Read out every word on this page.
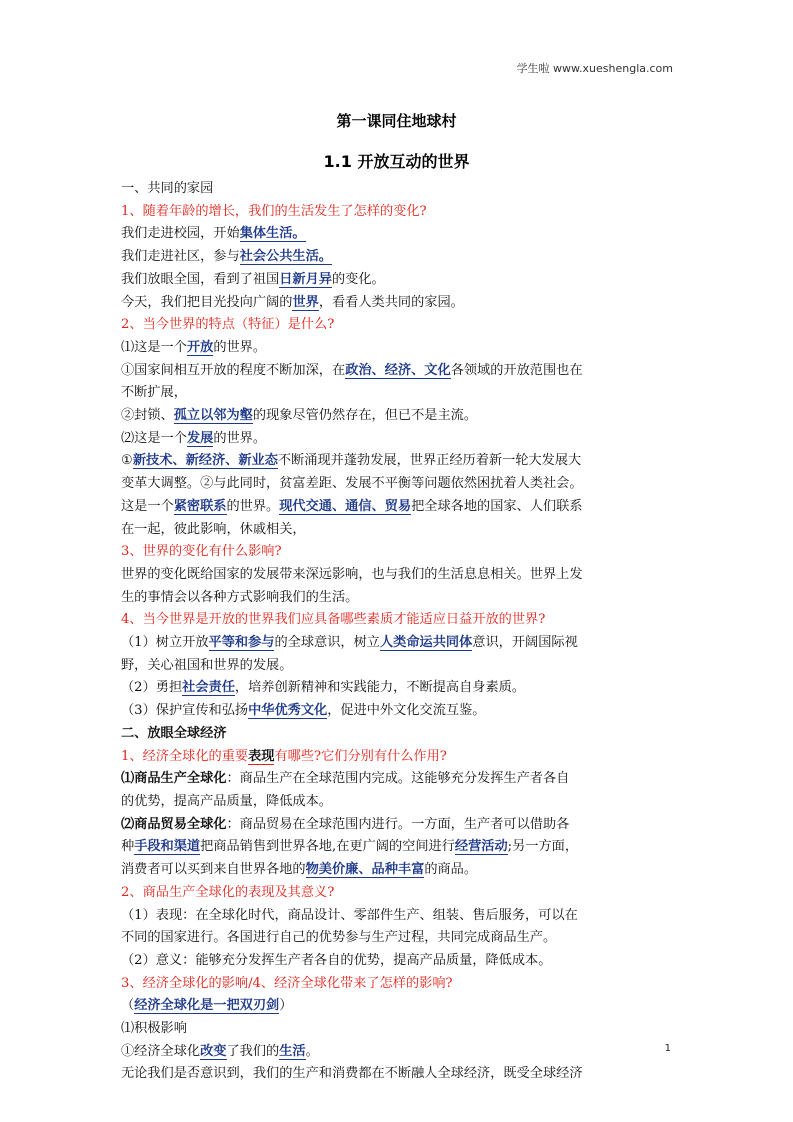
学生啦 www.xueshengla.com
第一课同住地球村
1.1 开放互动的世界

一、共同的家园

1、随着年龄的增长，我们的生活发生了怎样的变化?

我们走进校园，开始集体生活。

我们走进社区，参与社会公共生活。

我们放眼全国，看到了祖国日新月异的变化。

今天，我们把目光投向广阔的世界，看看人类共同的家园。

2、当今世界的特点（特征）是什么?

⑴这是一个开放的世界。

①国家间相互开放的程度不断加深，在政治、经济、文化各领域的开放范围也在

不断扩展，

②封锁、孤立以邻为壑的现象尽管仍然存在，但已不是主流。

⑵这是一个发展的世界。

①新技术、新经济、新业态不断涌现并蓬勃发展，世界正经历着新一轮大发展大

变革大调整。②与此同时，贫富差距、发展不平衡等问题依然困扰着人类社会。

这是一个紧密联系的世界。现代交通、通信、贸易把全球各地的国家、人们联系

在一起，彼此影响，休戚相关，

3、世界的变化有什么影响?

世界的变化既给国家的发展带来深远影响，也与我们的生活息息相关。世界上发

生的事情会以各种方式影响我们的生活。

4、当今世界是开放的世界我们应具备哪些素质才能适应日益开放的世界?

（1）树立开放平等和参与的全球意识，树立人类命运共同体意识，开阔国际视

野，关心祖国和世界的发展。

（2）勇担社会责任，培养创新精神和实践能力，不断提高自身素质。

（3）保护宣传和弘扬中华优秀文化，促进中外文化交流互鉴。

二、放眼全球经济

1、经济全球化的重要表现有哪些?它们分别有什么作用?

⑴商品生产全球化：商品生产在全球范围内完成。这能够充分发挥生产者各自

的优势，提高产品质量，降低成本。

⑵商品贸易全球化：商品贸易在全球范围内进行。一方面，生产者可以借助各

种手段和渠道把商品销售到世界各地,在更广阔的空间进行经营活动;另一方面，

消费者可以买到来自世界各地的物美价廉、品种丰富的商品。

2、商品生产全球化的表现及其意义?

（1）表现：在全球化时代，商品设计、零部件生产、组装、售后服务，可以在

不同的国家进行。各国进行自己的优势参与生产过程，共同完成商品生产。

（2）意义：能够充分发挥生产者各自的优势，提高产品质量，降低成本。

3、经济全球化的影响/4、经济全球化带来了怎样的影响?

（经济全球化是一把双刃剑）

⑴积极影响

①经济全球化改变了我们的生活。

无论我们是否意识到，我们的生产和消费都在不断融人全球经济，既受全球经济

1
